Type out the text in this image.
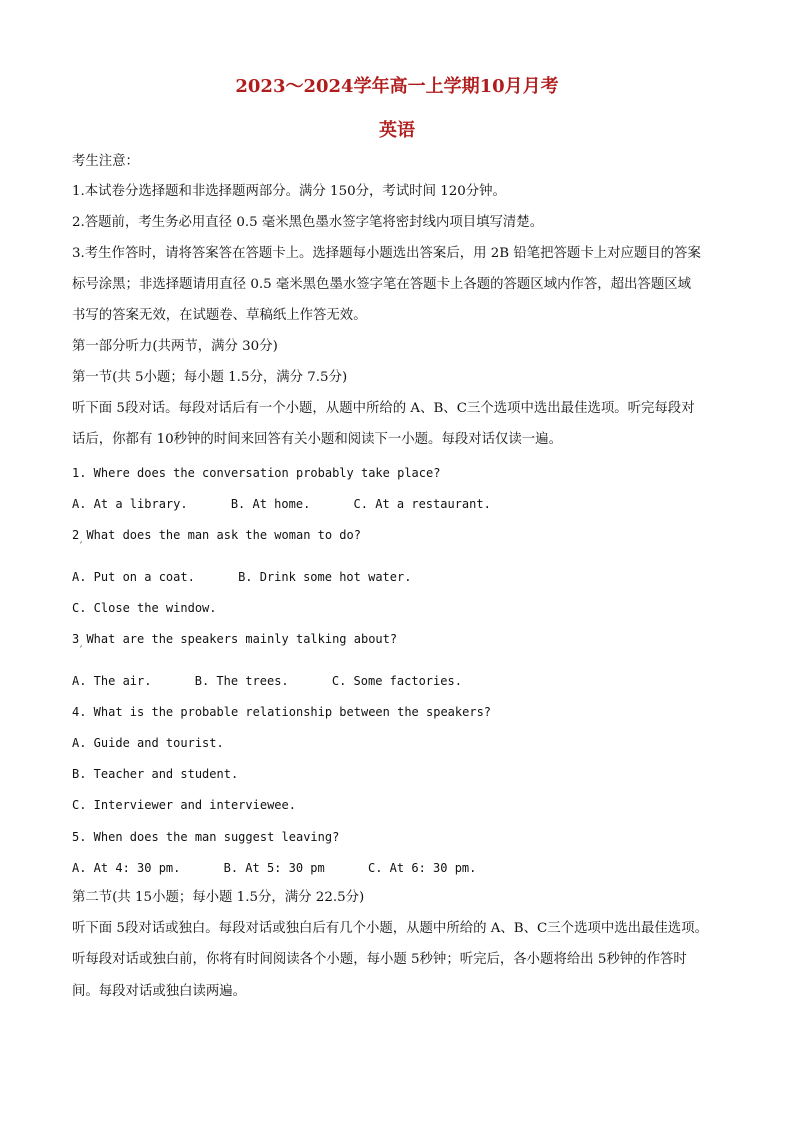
2023～2024学年高一上学期10月月考
英语
考生注意：
1.本试卷分选择题和非选择题两部分。满分 150分，考试时间 120分钟。
2.答题前，考生务必用直径 0.5 毫米黑色墨水签字笔将密封线内项目填写清楚。
3.考生作答时，请将答案答在答题卡上。选择题每小题选出答案后，用 2B 铅笔把答题卡上对应题目的答案
标号涂黑；非选择题请用直径 0.5 毫米黑色墨水签字笔在答题卡上各题的答题区域内作答，超出答题区域
书写的答案无效，在试题卷、草稿纸上作答无效。
第一部分听力(共两节，满分 30分)
第一节(共 5小题；每小题 1.5分，满分 7.5分)
听下面 5段对话。每段对话后有一个小题，从题中所给的 A、B、C三个选项中选出最佳选项。听完每段对
话后，你都有 10秒钟的时间来回答有关小题和阅读下一小题。每段对话仅读一遍。
1. Where does the conversation probably take place?
A. At a library.	B. At home.	C. At a restaurant.
2 What does the man ask the woman to do?
ˊ
A. Put on a coat.	B. Drink some hot water.
C. Close the window.
3 What are the speakers mainly talking about?
ˊ
A. The air.	B. The trees.	C. Some factories.
4. What is the probable relationship between the speakers?
A. Guide and tourist.
B. Teacher and student.
C. Interviewer and interviewee.
5. When does the man suggest leaving?
A. At 4: 30 pm.	B. At 5: 30 pm	C. At 6: 30 pm.
第二节(共 15小题；每小题 1.5分，满分 22.5分)
听下面 5段对话或独白。每段对话或独白后有几个小题，从题中所给的 A、B、C三个选项中选出最佳选项。
听每段对话或独白前，你将有时间阅读各个小题，每小题 5秒钟；听完后，各小题将给出 5秒钟的作答时
间。每段对话或独白读两遍。
